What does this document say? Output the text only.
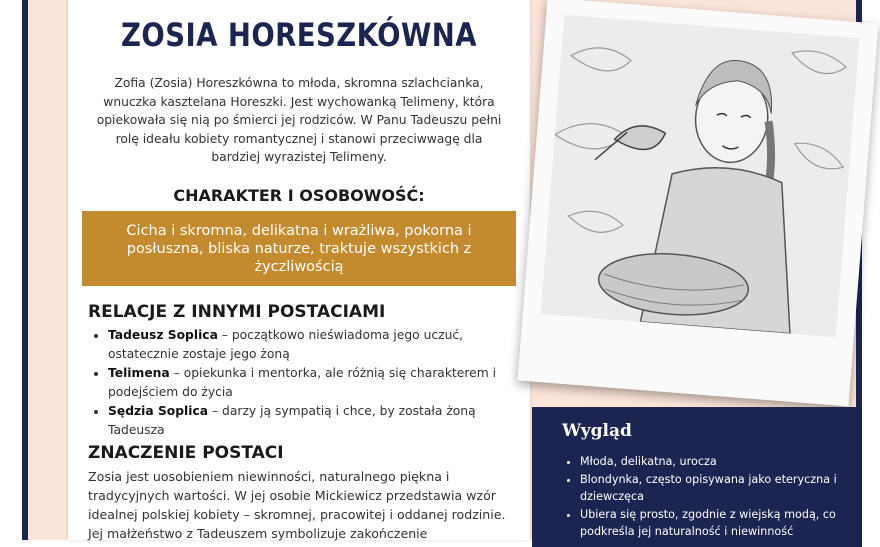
ZOSIA HORESZKÓWNA

Zofia (Zosia) Horeszkówna to młoda, skromna szlachcianka, wnuczka kasztelana Horeszki. Jest wychowanką Telimeny, która opiekowała się nią po śmierci jej rodziców. W Panu Tadeuszu pełni rolę ideału kobiety romantycznej i stanowi przeciwwagę dla bardziej wyrazistej Telimeny.

CHARAKTER I OSOBOWOŚĆ:

Cicha i skromna, delikatna i wrażliwa, pokorna i posłuszna, bliska naturze, traktuje wszystkich z życzliwością

RELACJE Z INNYMI POSTACIAMI
• Tadeusz Soplica – początkowo nieświadoma jego uczuć, ostatecznie zostaje jego żoną
• Telimena – opiekunka i mentorka, ale różnią się charakterem i podejściem do życia
• Sędzia Soplica – darzy ją sympatią i chce, by została żoną Tadeusza
ZNACZENIE POSTACI

Zosia jest uosobieniem niewinności, naturalnego piękna i tradycyjnych wartości. W jej osobie Mickiewicz przedstawia wzór idealnej polskiej kobiety – skromnej, pracowitej i oddanej rodzinie. Jej małżeństwo z Tadeuszem symbolizuje zakończenie

Wygląd
• Młoda, delikatna, urocza
• Blondynka, często opisywana jako eteryczna i dziewczęca
• Ubiera się prosto, zgodnie z wiejską modą, co podkreśla jej naturalność i niewinność
